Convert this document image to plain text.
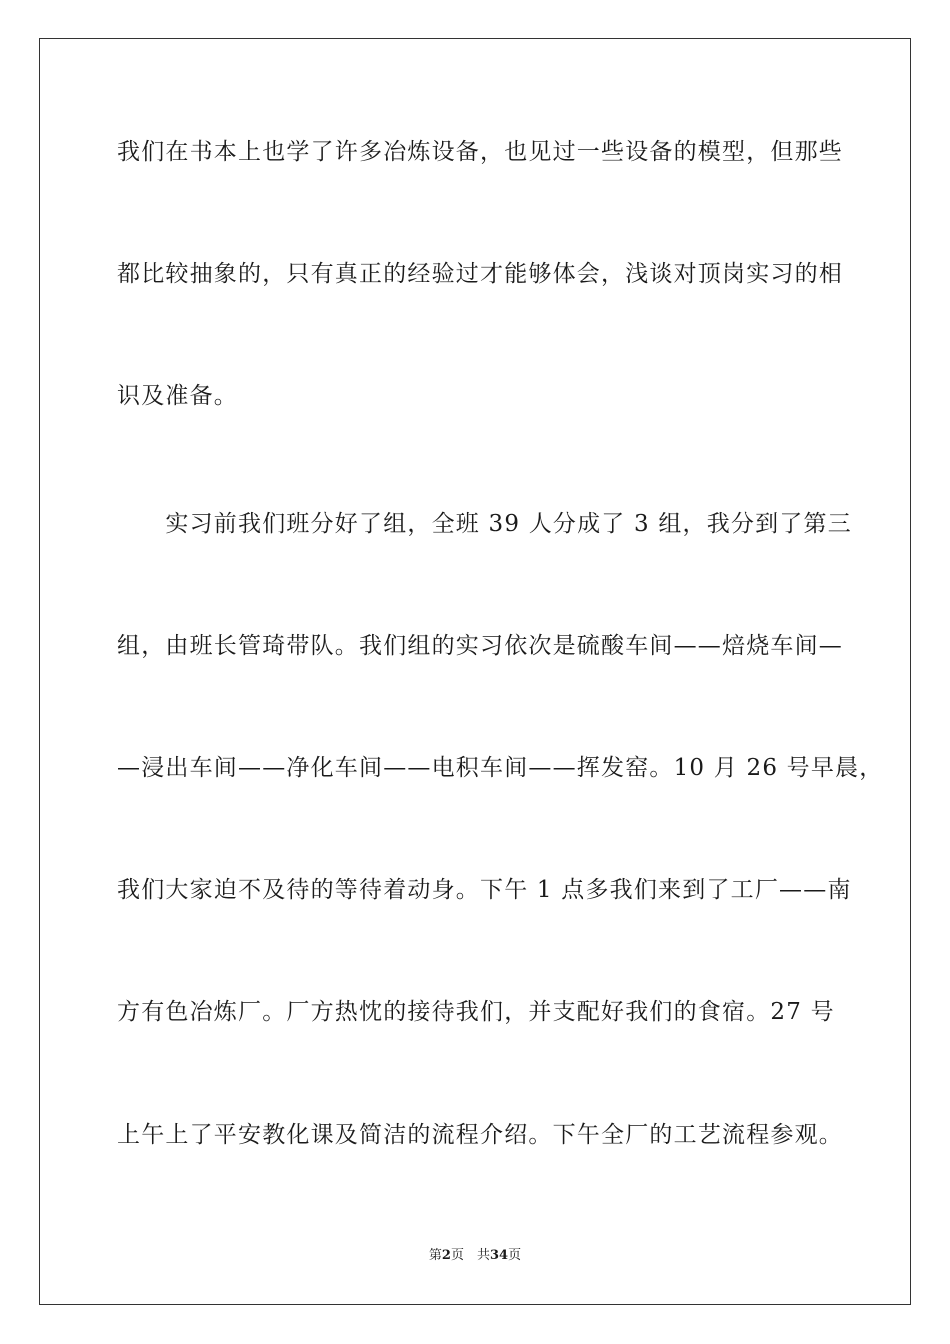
我们在书本上也学了许多冶炼设备，也见过一些设备的模型，但那些
都比较抽象的，只有真正的经验过才能够体会，浅谈对顶岗实习的相
识及准备。
　　实习前我们班分好了组，全班 39 人分成了 3 组，我分到了第三
组，由班长管琦带队。我们组的实习依次是硫酸车间——焙烧车间—
—浸出车间——净化车间——电积车间——挥发窑。10 月 26 号早晨，
我们大家迫不及待的等待着动身。下午 1 点多我们来到了工厂——南
方有色冶炼厂。厂方热忱的接待我们，并支配好我们的食宿。27 号
上午上了平安教化课及简洁的流程介绍。下午全厂的工艺流程参观。
第2页　共34页
